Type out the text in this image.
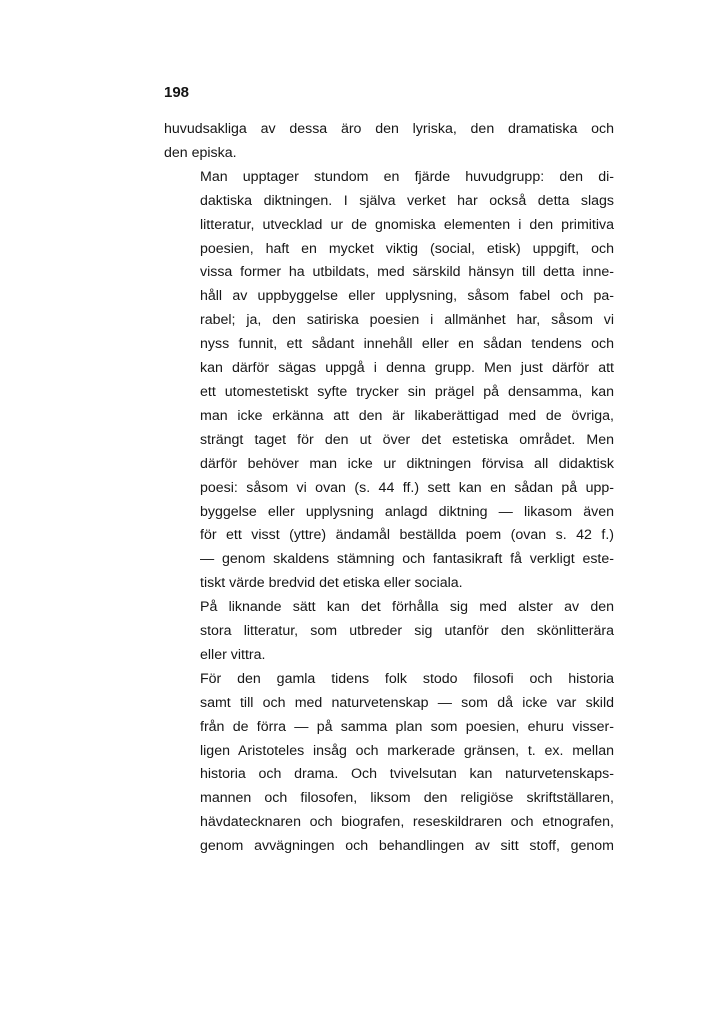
198
huvudsakliga av dessa äro den lyriska, den dramatiska och
den episka.
Man upptager stundom en fjärde huvudgrupp: den di-
daktiska diktningen. I själva verket har också detta slags
litteratur, utvecklad ur de gnomiska elementen i den primitiva
poesien, haft en mycket viktig (social, etisk) uppgift, och
vissa former ha utbildats, med särskild hänsyn till detta inne-
håll av uppbyggelse eller upplysning, såsom fabel och pa-
rabel; ja, den satiriska poesien i allmänhet har, såsom vi
nyss funnit, ett sådant innehåll eller en sådan tendens och
kan därför sägas uppgå i denna grupp. Men just därför att
ett utomestetiskt syfte trycker sin prägel på densamma, kan
man icke erkänna att den är likaberättigad med de övriga,
strängt taget för den ut över det estetiska området. Men
därför behöver man icke ur diktningen förvisa all didaktisk
poesi: såsom vi ovan (s. 44 ff.) sett kan en sådan på upp-
byggelse eller upplysning anlagd diktning — likasom även
för ett visst (yttre) ändamål beställda poem (ovan s. 42 f.)
— genom skaldens stämning och fantasikraft få verkligt este-
tiskt värde bredvid det etiska eller sociala.
På liknande sätt kan det förhålla sig med alster av den
stora litteratur, som utbreder sig utanför den skönlitterära
eller vittra.
För den gamla tidens folk stodo filosofi och historia
samt till och med naturvetenskap — som då icke var skild
från de förra — på samma plan som poesien, ehuru visser-
ligen Aristoteles insåg och markerade gränsen, t. ex. mellan
historia och drama. Och tvivelsutan kan naturvetenskaps-
mannen och filosofen, liksom den religiöse skriftställaren,
hävdatecknaren och biografen, reseskildraren och etnografen,
genom avvägningen och behandlingen av sitt stoff, genom
